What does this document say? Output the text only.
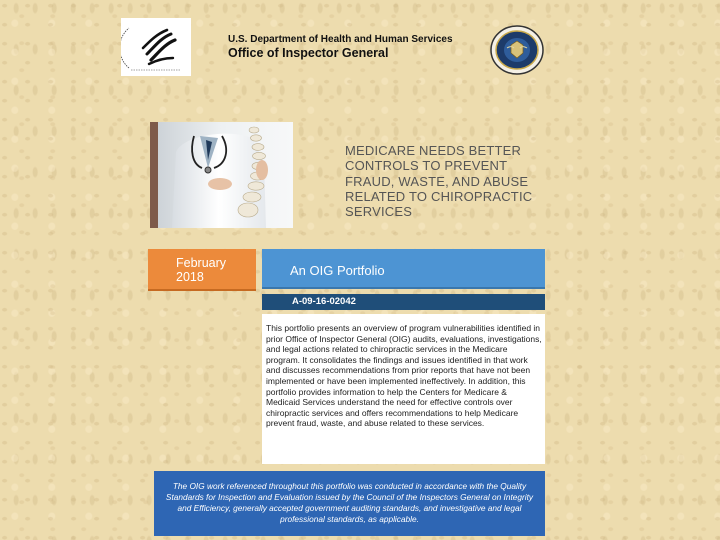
U.S. Department of Health and Human Services
Office of Inspector General
MEDICARE NEEDS BETTER CONTROLS TO PREVENT FRAUD, WASTE, AND ABUSE RELATED TO CHIROPRACTIC SERVICES
February
2018	An OIG Portfolio
A-09-16-02042
This portfolio presents an overview of program vulnerabilities identified in prior Office of Inspector General (OIG) audits, evaluations, investigations, and legal actions related to chiropractic services in the Medicare program. It consolidates the findings and issues identified in that work and discusses recommendations from prior reports that have not been implemented or have been implemented ineffectively. In addition, this portfolio provides information to help the Centers for Medicare & Medicaid Services understand the need for effective controls over chiropractic services and offers recommendations to help Medicare prevent fraud, waste, and abuse related to these services.
The OIG work referenced throughout this portfolio was conducted in accordance with the Quality Standards for Inspection and Evaluation issued by the Council of the Inspectors General on Integrity and Efficiency, generally accepted government auditing standards, and investigative and legal professional standards, as applicable.
